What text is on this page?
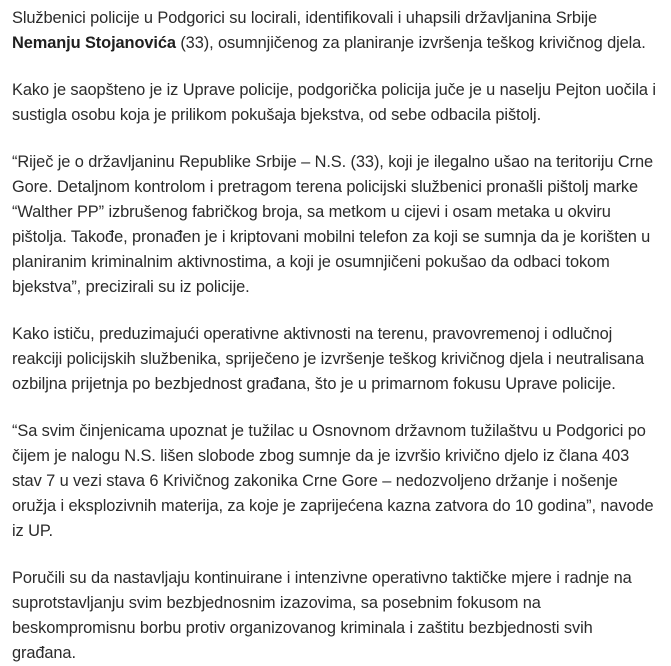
Službenici policije u Podgorici su locirali, identifikovali i uhapsili državljanina Srbije Nemanju Stojanovića (33), osumnjičenog za planiranje izvršenja teškog krivičnog djela.

Kako je saopšteno je iz Uprave policije, podgorička policija juče je u naselju Pejton uočila i sustigla osobu koja je prilikom pokušaja bjekstva, od sebe odbacila pištolj.

“Riječ je o državljaninu Republike Srbije – N.S. (33), koji je ilegalno ušao na teritoriju Crne Gore. Detaljnom kontrolom i pretragom terena policijski službenici pronašli pištolj marke “Walther PP” izbrušenog fabričkog broja, sa metkom u cijevi i osam metaka u okviru pištolja. Takođe, pronađen je i kriptovani mobilni telefon za koji se sumnja da je korišten u planiranim kriminalnim aktivnostima, a koji je osumnjičeni pokušao da odbaci tokom bjekstva”, precizirali su iz policije.

Kako ističu, preduzimajući operativne aktivnosti na terenu, pravovremenoj i odlučnoj reakciji policijskih službenika, spriječeno je izvršenje teškog krivičnog djela i neutralisana ozbiljna prijetnja po bezbjednost građana, što je u primarnom fokusu Uprave policije.

“Sa svim činjenicama upoznat je tužilac u Osnovnom državnom tužilaštvu u Podgorici po čijem je nalogu N.S. lišen slobode zbog sumnje da je izvršio krivično djelo iz člana 403 stav 7 u vezi stava 6 Krivičnog zakonika Crne Gore – nedozvoljeno držanje i nošenje oružja i eksplozivnih materija, za koje je zaprijećena kazna zatvora do 10 godina”, navode iz UP.

Poručili su da nastavljaju kontinuirane i intenzivne operativno taktičke mjere i radnje na suprotstavljanju svim bezbjednosnim izazovima, sa posebnim fokusom na beskompromisnu borbu protiv organizovanog kriminala i zaštitu bezbjednosti svih građana.
